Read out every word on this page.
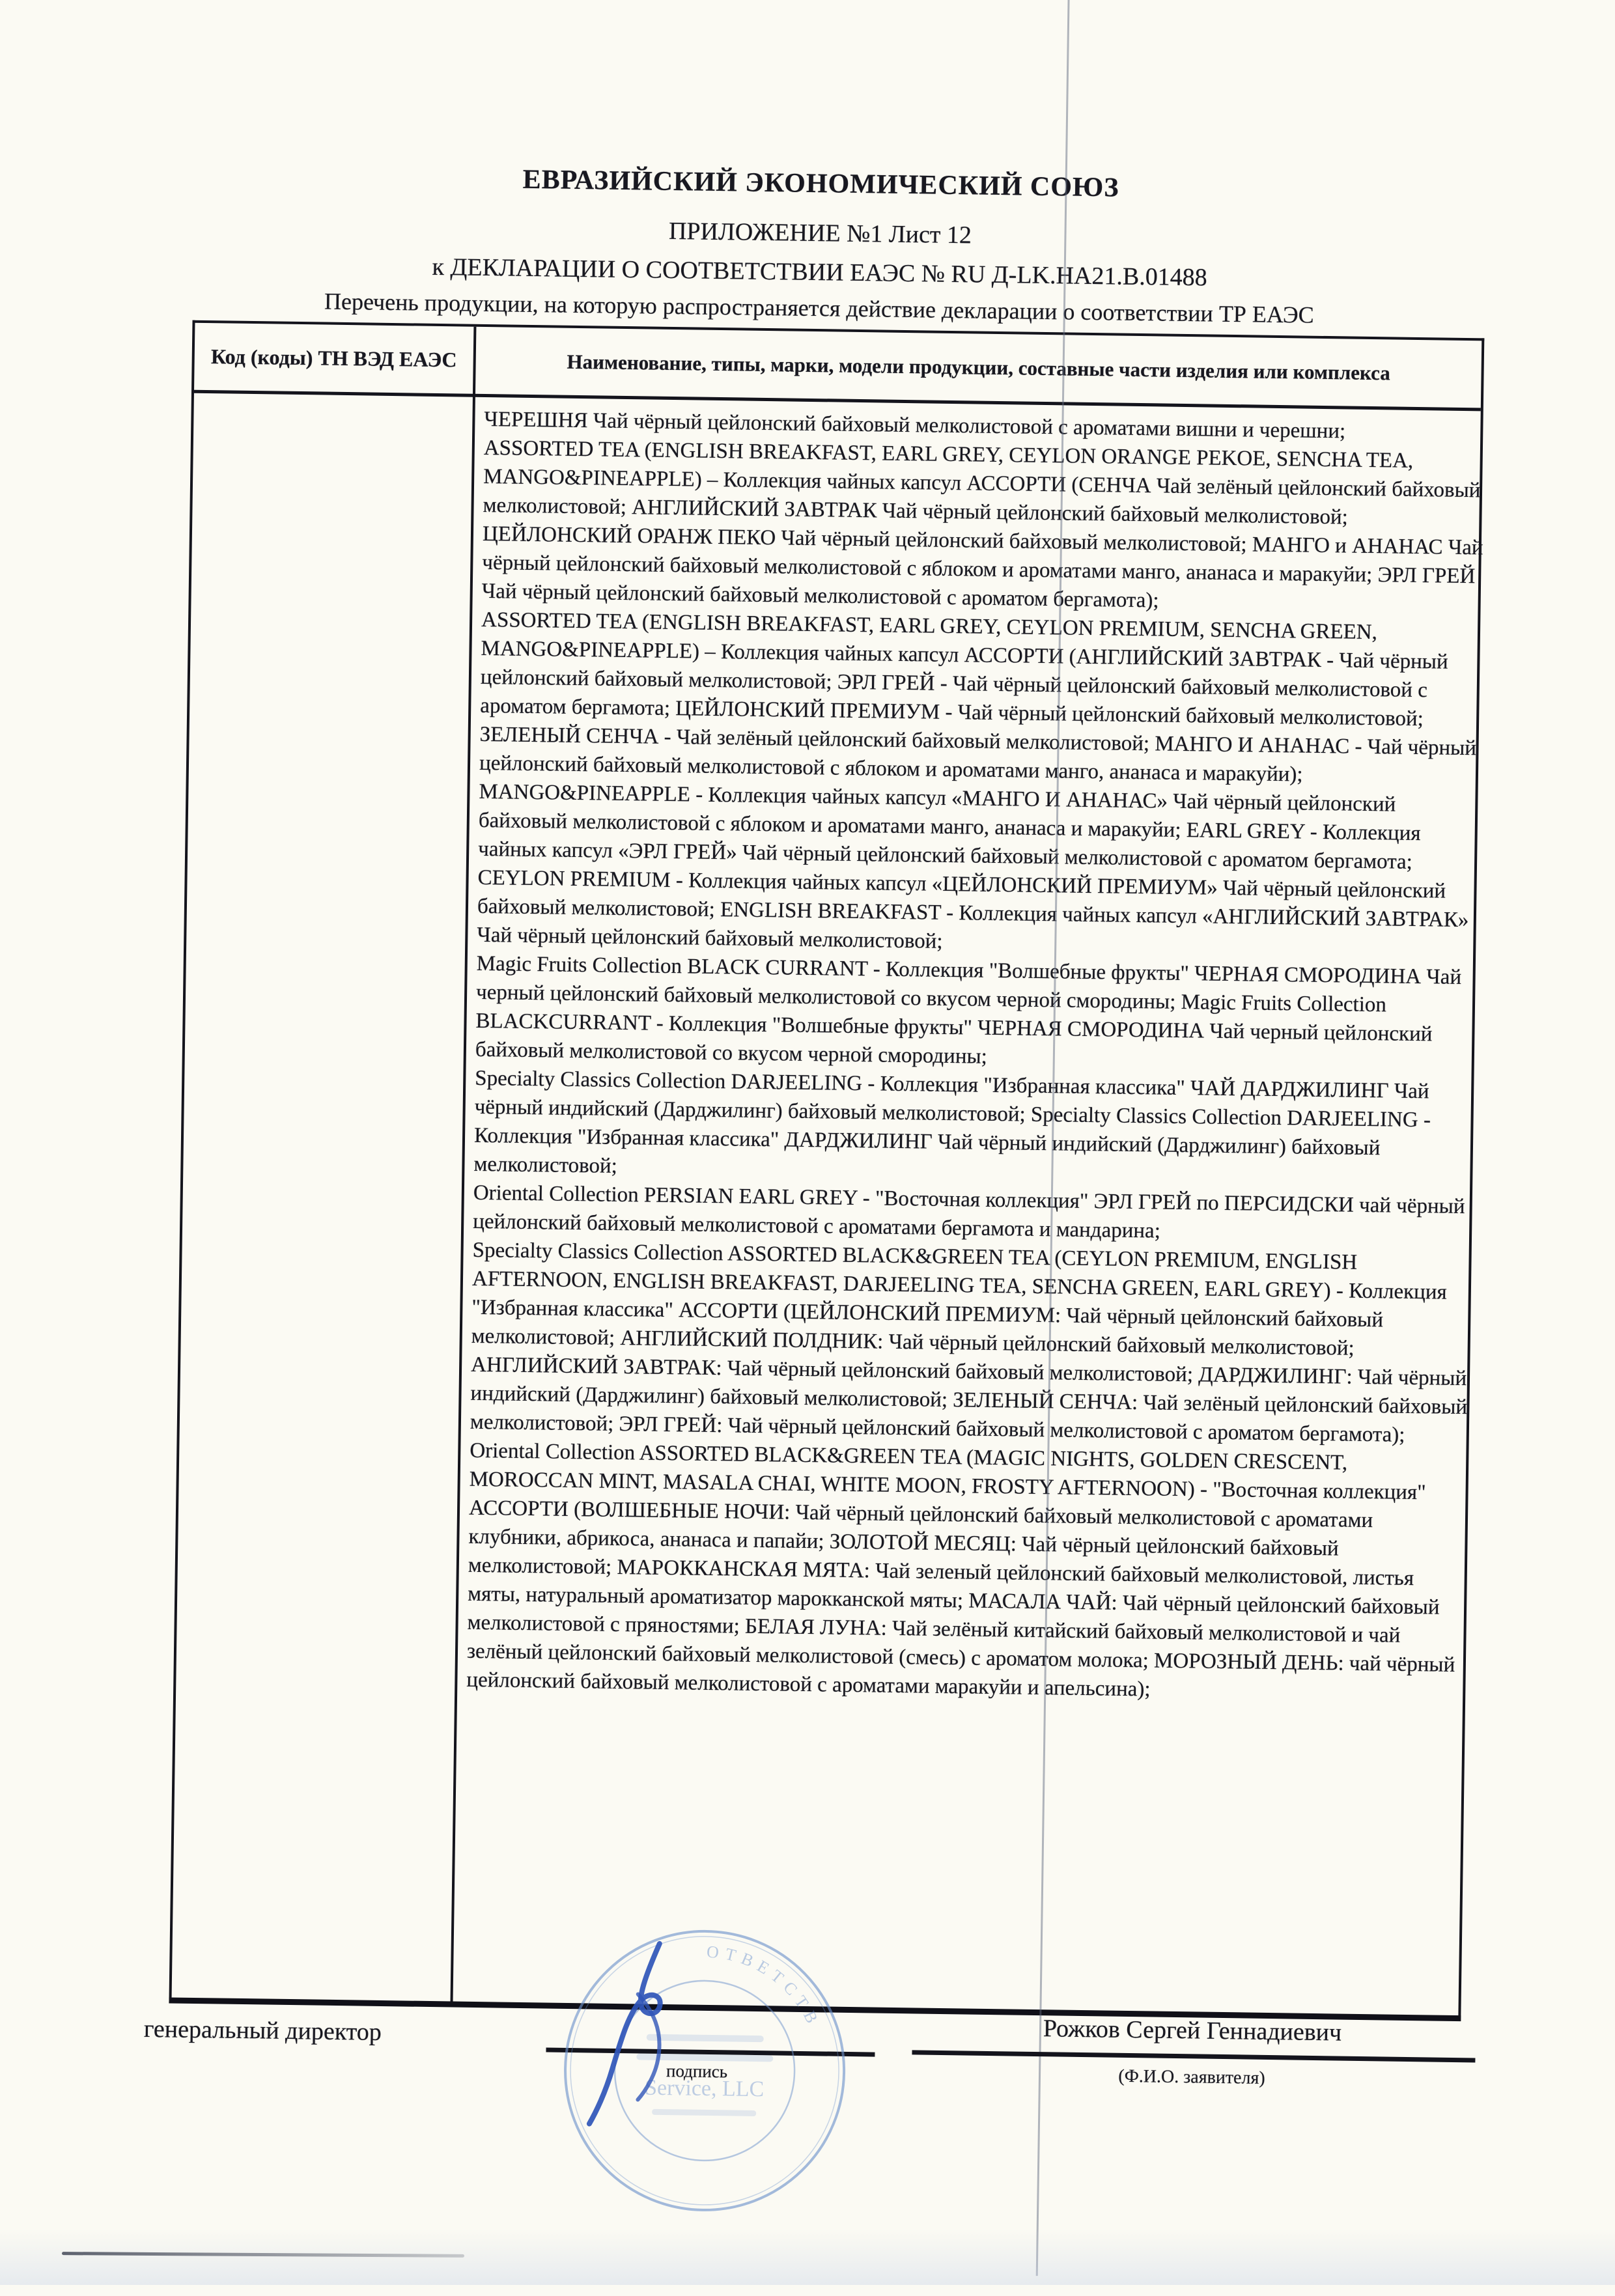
ЕВРАЗИЙСКИЙ ЭКОНОМИЧЕСКИЙ СОЮЗ
ПРИЛОЖЕНИЕ №1 Лист 12
к ДЕКЛАРАЦИИ О СООТВЕТСТВИИ ЕАЭС № RU Д-LK.HA21.B.01488
Перечень продукции, на которую распространяется действие декларации о соответствии ТР ЕАЭС
Код (коды) ТН ВЭД ЕАЭС	Наименование, типы, марки, модели продукции, составные части изделия или комплекса

ЧЕРЕШНЯ Чай чёрный цейлонский байховый мелколистовой с ароматами вишни и черешни;

ASSORTED TEA (ENGLISH BREAKFAST, EARL GREY, CEYLON ORANGE PEKOE, SENCHA TEA, MANGO&PINEAPPLE) – Коллекция чайных капсул АССОРТИ (СЕНЧА Чай зелёный цейлонский байховый мелколистовой; АНГЛИЙСКИЙ ЗАВТРАК Чай чёрный цейлонский байховый мелколистовой; ЦЕЙЛОНСКИЙ ОРАНЖ ПЕКО Чай чёрный цейлонский байховый мелколистовой; МАНГО и АНАНАС Чай чёрный цейлонский байховый мелколистовой с яблоком и ароматами манго, ананаса и маракуйи; ЭРЛ ГРЕЙ Чай чёрный цейлонский байховый мелколистовой с ароматом бергамота);

ASSORTED TEA (ENGLISH BREAKFAST, EARL GREY, CEYLON PREMIUM, SENCHA GREEN, MANGO&PINEAPPLE) – Коллекция чайных капсул АССОРТИ (АНГЛИЙСКИЙ ЗАВТРАК - Чай чёрный цейлонский байховый мелколистовой; ЭРЛ ГРЕЙ - Чай чёрный цейлонский байховый мелколистовой с ароматом бергамота; ЦЕЙЛОНСКИЙ ПРЕМИУМ - Чай чёрный цейлонский байховый мелколистовой; ЗЕЛЕНЫЙ СЕНЧА - Чай зелёный цейлонский байховый мелколистовой; МАНГО И АНАНАС - Чай чёрный цейлонский байховый мелколистовой с яблоком и ароматами манго, ананаса и маракуйи);

MANGO&PINEAPPLE - Коллекция чайных капсул «МАНГО И АНАНАС» Чай чёрный цейлонский байховый мелколистовой с яблоком и ароматами манго, ананаса и маракуйи; EARL GREY - Коллекция чайных капсул «ЭРЛ ГРЕЙ» Чай чёрный цейлонский байховый мелколистовой с ароматом бергамота; CEYLON PREMIUM - Коллекция чайных капсул «ЦЕЙЛОНСКИЙ ПРЕМИУМ» Чай чёрный цейлонский байховый мелколистовой; ENGLISH BREAKFAST - Коллекция чайных капсул «АНГЛИЙСКИЙ ЗАВТРАК» Чай чёрный цейлонский байховый мелколистовой;

Magic Fruits Collection BLACK CURRANT - Коллекция "Волшебные фрукты" ЧЕРНАЯ СМОРОДИНА Чай черный цейлонский байховый мелколистовой со вкусом черной смородины; Magic Fruits Collection BLACKCURRANT - Коллекция "Волшебные фрукты" ЧЕРНАЯ СМОРОДИНА Чай черный цейлонский байховый мелколистовой со вкусом черной смородины;

Specialty Classics Collection DARJEELING - Коллекция "Избранная классика" ЧАЙ ДАРДЖИЛИНГ Чай чёрный индийский (Дарджилинг) байховый мелколистовой; Specialty Classics Collection DARJEELING - Коллекция "Избранная классика" ДАРДЖИЛИНГ Чай чёрный индийский (Дарджилинг) байховый мелколистовой;

Oriental Collection PERSIAN EARL GREY - "Восточная коллекция" ЭРЛ ГРЕЙ по ПЕРСИДСКИ чай чёрный цейлонский байховый мелколистовой с ароматами бергамота и мандарина;

Specialty Classics Collection ASSORTED BLACK&GREEN TEA (CEYLON PREMIUM, ENGLISH AFTERNOON, ENGLISH BREAKFAST, DARJEELING TEA, SENCHA GREEN, EARL GREY) - Коллекция "Избранная классика" АССОРТИ (ЦЕЙЛОНСКИЙ ПРЕМИУМ: Чай чёрный цейлонский байховый мелколистовой; АНГЛИЙСКИЙ ПОЛДНИК: Чай чёрный цейлонский байховый мелколистовой; АНГЛИЙСКИЙ ЗАВТРАК: Чай чёрный цейлонский байховый мелколистовой; ДАРДЖИЛИНГ: Чай чёрный индийский (Дарджилинг) байховый мелколистовой; ЗЕЛЕНЫЙ СЕНЧА: Чай зелёный цейлонский байховый мелколистовой; ЭРЛ ГРЕЙ: Чай чёрный цейлонский байховый мелколистовой с ароматом бергамота);

Oriental Collection ASSORTED BLACK&GREEN TEA (MAGIC NIGHTS, GOLDEN CRESCENT, MOROCCAN MINT, MASALA CHAI, WHITE MOON, FROSTY AFTERNOON) - "Восточная коллекция" АССОРТИ (ВОЛШЕБНЫЕ НОЧИ: Чай чёрный цейлонский байховый мелколистовой с ароматами клубники, абрикоса, ананаса и папайи; ЗОЛОТОЙ МЕСЯЦ: Чай чёрный цейлонский байховый мелколистовой; МАРОККАНСКАЯ МЯТА: Чай зеленый цейлонский байховый мелколистовой, листья мяты, натуральный ароматизатор марокканской мяты; МАСАЛА ЧАЙ: Чай чёрный цейлонский байховый мелколистовой с пряностями; БЕЛАЯ ЛУНА: Чай зелёный китайский байховый мелколистовой и чай зелёный цейлонский байховый мелколистовой (смесь) с ароматом молока; МОРОЗНЫЙ ДЕНЬ: чай чёрный цейлонский байховый мелколистовой с ароматами маракуйи и апельсина);

генеральный директор
подпись
Рожков Сергей Геннадиевич
(Ф.И.О. заявителя)
ОТВЕТСТВ
Service, LLC
